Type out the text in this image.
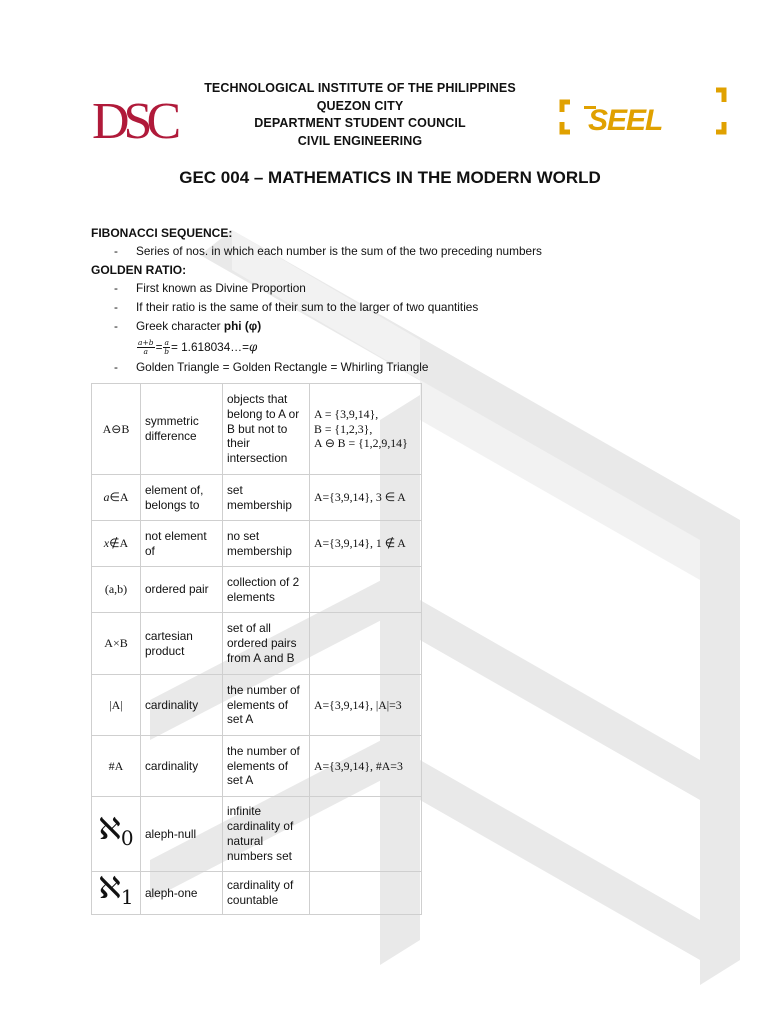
DSC	SEEL
TECHNOLOGICAL INSTITUTE OF THE PHILIPPINES
QUEZON CITY
DEPARTMENT STUDENT COUNCIL
CIVIL ENGINEERING
GEC 004 – MATHEMATICS IN THE MODERN WORLD
FIBONACCI SEQUENCE:
- Series of nos. in which each number is the sum of the two preceding numbers
GOLDEN RATIO:
- First known as Divine Proportion
- If their ratio is the same of their sum to the larger of two quantities
- Greek character phi (φ)
$\frac{a+b}{a} = \frac{a}{b}$ = 1.618034…= φ
- Golden Triangle = Golden Rectangle = Whirling Triangle
A⊖B	symmetric difference	objects that belong to A or B but not to their intersection	A = {3,9,14},
B = {1,2,3},
A ⊖ B = {1,2,9,14}

a∈A	element of, belongs to	set membership	A={3,9,14}, 3 ∈ A
x∉A	not element of	no set membership	A={3,9,14}, 1 ∉ A
(a,b)	ordered pair	collection of 2 elements	
A×B	cartesian product	set of all ordered pairs from A and B	
|A|	cardinality	the number of elements of set A	A={3,9,14}, |A|=3
#A	cardinality	the number of elements of set A	A={3,9,14}, #A=3
ℵ$_0$	aleph-null	infinite cardinality of natural numbers set	
ℵ$_1$	aleph-one	cardinality of countable	
